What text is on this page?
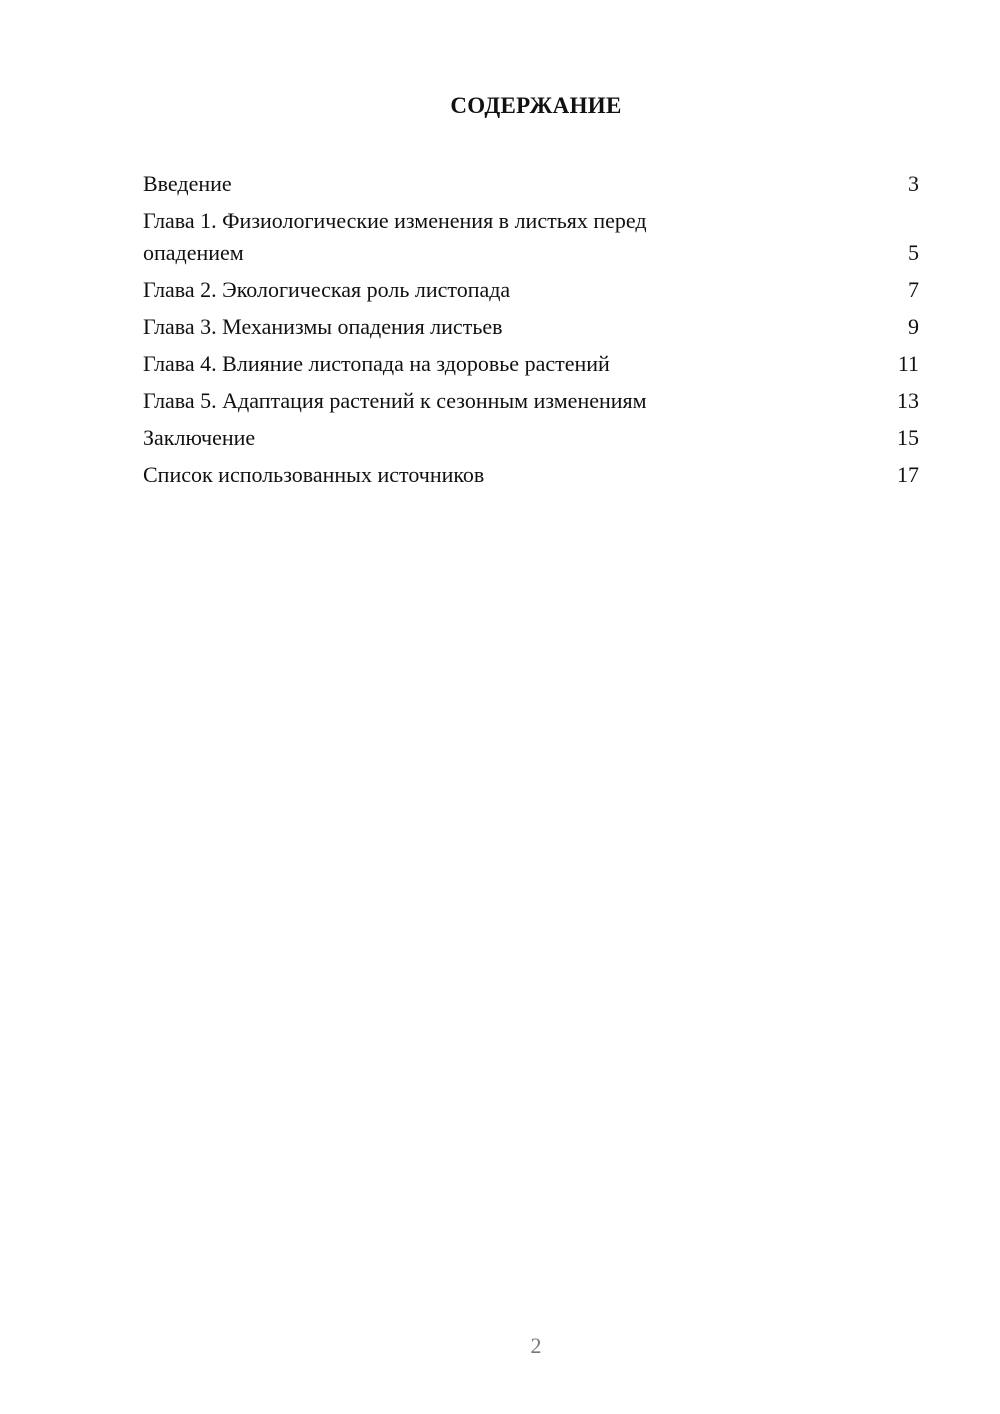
СОДЕРЖАНИЕ
Введение	3
Глава 1. Физиологические изменения в листьях перед опадением	5
Глава 2. Экологическая роль листопада	7
Глава 3. Механизмы опадения листьев	9
Глава 4. Влияние листопада на здоровье растений	11
Глава 5. Адаптация растений к сезонным изменениям	13
Заключение	15
Список использованных источников	17

2
